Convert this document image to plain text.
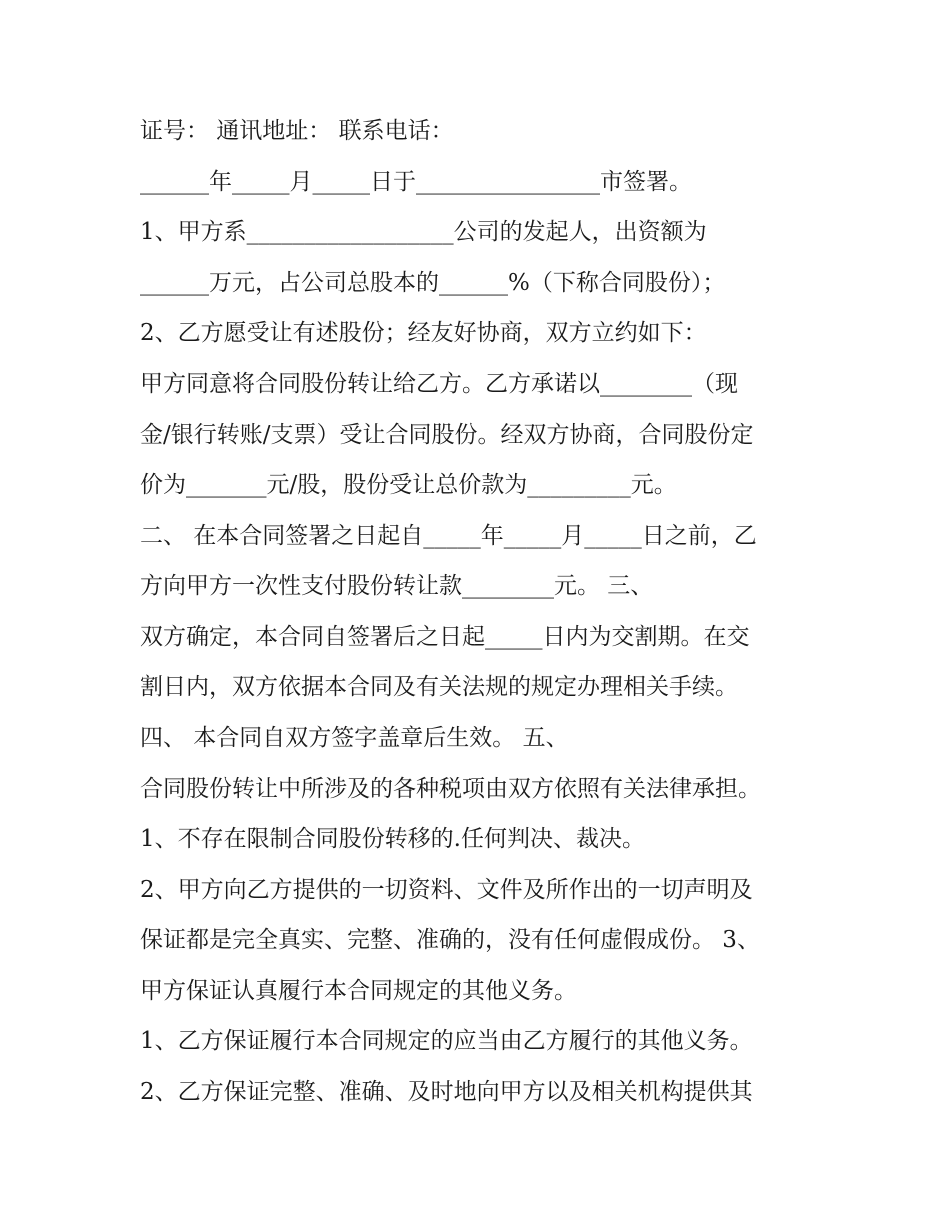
证号： 通讯地址： 联系电话：
______年_____月_____日于________________市签署。
1、甲方系__________________公司的发起人，出资额为
______万元，占公司总股本的______%（下称合同股份）；
2、乙方愿受让有述股份；经友好协商，双方立约如下：
甲方同意将合同股份转让给乙方。乙方承诺以________（现
金/银行转账/支票）受让合同股份。经双方协商，合同股份定
价为_______元/股，股份受让总价款为_________元。
二、 在本合同签署之日起自_____年_____月_____日之前，乙
方向甲方一次性支付股份转让款________元。 三、
双方确定，本合同自签署后之日起_____日内为交割期。在交
割日内，双方依据本合同及有关法规的规定办理相关手续。
四、 本合同自双方签字盖章后生效。 五、
合同股份转让中所涉及的各种税项由双方依照有关法律承担。
1、不存在限制合同股份转移的.任何判决、裁决。
2、甲方向乙方提供的一切资料、文件及所作出的一切声明及
保证都是完全真实、完整、准确的，没有任何虚假成份。 3、
甲方保证认真履行本合同规定的其他义务。
1、乙方保证履行本合同规定的应当由乙方履行的其他义务。
2、乙方保证完整、准确、及时地向甲方以及相关机构提供其
